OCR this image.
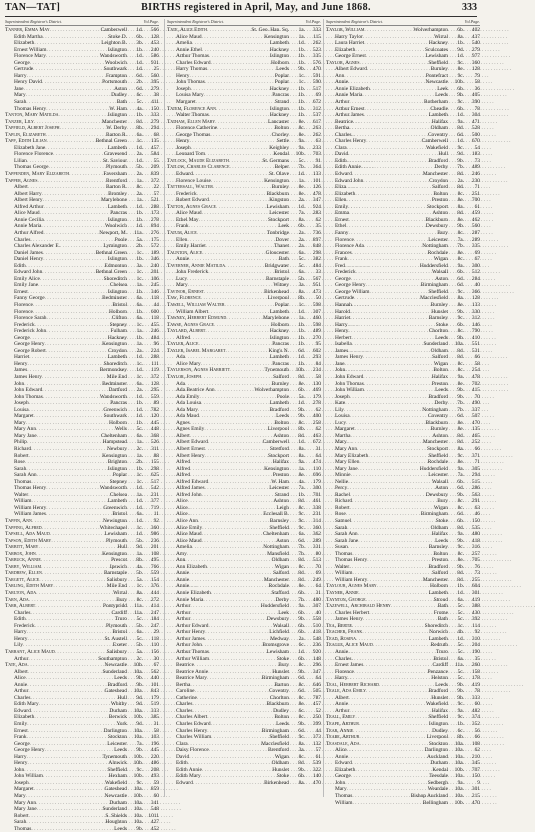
TAN—TAT]	BIRTHS registered in April, May, and June 1868.	333
Superintendent Registrar's District.	Vol. Page.
Tanner, Emma May . . .	Camberwell	1d.	566
Edith Martha . . .	Stoke D.	6b.	128
Elizabeth . . .	Leighton B.	3b.	453
Ernest William . . .	Islington	1b.	240
Florence Mary . . .	Wandsworth	1d.	586
George . . .	Woolwich	1d.	931
Gertrude . . .	Southwark	1d.	25
Harry . . .	Frampton	6d.	560
Henry David . . .	Portsmouth	2b.	395
Jane . . .	Aston	6d.	279
Mary . . .	Dudley	6c.	38
Sarah . . .	Bath	5c.	411
Thomas Henry . . .	W. Ham	4a.	150
Tanton, Mary Matilda . . .	Islington	1b.	333
Tanzer, Lily . . .	Manchester	8d.	279
Tapfield, Albert Joseph . . .	W. Derby	8b.	294
Taplin, Elizabeth . . .	Barton R.	6a.	68
Tapp, Edith Lilian . . .	Bethnal Green	1c.	135
Elizabeth Jane . . .	Lambeth	1d.	457
Florence Florence . . .	Gravesend	2a.	584
Lilian . . .	St. Saviour	1d.	55
Thomas George . . .	Plymouth	5b.	209
Tappenden, Mary Elizabeth . . .	Faversham	2a.	839
Tapper, Agnes . . .	Brentford	1a.	372
Albert . . .	Barton R.	8c.	22
Albert Harry . . .	Bromley	2a.	57
Albert Henry . . .	Marylebone	1a.	521
Alfred Arthur . . .	Lambeth	1d.	288
Alice Maud . . .	Pancras	1b.	173
Annie Cecilia . . .	Islington	1b.	278
Annie Maria . . .	Woolwich	1d.	894
Arthur Alfred . . .	Newport, M.	11a.	276
Charles . . .	Poole	5a.	175
Charles Alexander E. . . .	Lymington	2b.	572
Daniel James . . .	Bethnal Green	1c.	189
Daniel Henry . . .	Islington	1b.	346
Edith . . .	Edmonton	3a.	240
Edward John . . .	Bethnal Green	1c.	201
Emily Alice . . .	Shoreditch	1c.	106
Emily Jane . . .	Chelsea	1a.	245
Ernest . . .	Islington	1b.	346
Fanny George . . .	Bedminster	6a.	118
Florence . . .	Bristol	6a.	44
Florence . . .	Holborn	1b.	600
Florence Sarah . . .	Clifton	6a.	118
Frederick . . .	Stepney	1c.	455
Frederick John . . .	Fulham	1a.	246
George . . .	Hackney	1b.	484
George Henry . . .	Kensington	1a.	96
George Robert . . .	Croydon	2a.	224
Harriet . . .	Lambeth	1d.	288
Henry . . .	Shoreditch	1c.	111
James . . .	Bermondsey	1d.	119
James Henry . . .	Mile End	1c.	372
John . . .	Bedminster	6a.	128
John Edward . . .	Dartford	2a.	295
John Thomas . . .	Wandsworth	1d.	559
Joseph . . .	Pancras	1b.	89
Louisa . . .	Greenwich	1d.	782
Margaret . . .	Southwark	1d.	120
Mary . . .	Holborn	1b.	445
Mary Ann . . .	Wells	5c.	448
Mary Jane . . .	Cheltenham	6a.	368
Philip . . .	Hampstead	1a.	526
Richard . . .	Newbury	2c.	311
Robert . . .	Kensington	1a.	88
Rose . . .	Brighton	2b.	155
Sarah . . .	Islington	1b.	298
Sarah Ann . . .	Poplar	1c.	625
Thomas . . .	Stepney	1c.	517
Thomas Henry . . .	Wandsworth	1d.	542
Walter . . .	Chelsea	1a.	231
William . . .	Lambeth	1d.	377
William Henry . . .	Greenwich	1d.	719
William James . . .	Bristol	6a.	11
Tappin, Ann . . .	Newington	1d.	92
Tapping, Alfred . . .	Whitechapel	1c.	360
Tapsell, Ada Maud . . .	Lewisham	1d.	986
Tapson, Edith Mary . . .	Plymouth	5b.	236
Tarbitt, Mary . . .	Hull	9d.	201
Tarbox, John . . .	Kensington	1a.	108
Tarbuck, Annie . . .	Prescot	8b.	495
Tarby, William . . .	Ipswich	4a.	766
Tardrew, Ellen . . .	Barnstaple	5b.	559
Targett, Alice . . .	Salisbury	5a.	154
Tarling, Edith Mary . . .	Mile End	1c.	376
Tarlton, Ada . . .	Wirral	8a.	444
Tarn, Ada . . .	Bury	8c.	272
Tarr, Albert . . .	Pontypridd	11a.	414
Charles . . .	Cardiff	11a.	247
Edith . . .	Truro	5c.	184
Frederick . . .	Plymouth	5b.	247
Harry . . .	Bristol	6a.	29
Henry . . .	St. Austell	5c.	118
Lily . . .	Exeter	5b.	110
Tarrant, Alice Maud . . .	Salisbury	5a.	156
Arthur . . .	Southampton	2c.	30
Tate, Ada . . .	Newcastle	10b.	67
Albert . . .	Sunderland	10a.	562
Alice . . .	Leeds	9b.	440
Annie . . .	Bradford	9b.	101
Arthur . . .	Gateshead	10a.	843
Charles . . .	Hull	9d.	179
Edith Mary . . .	Whitby	9d.	519
Edward . . .	Durham	10a.	333
Elizabeth . . .	Berwick	10b.	385
Emily . . .	York	9d.	31
Ernest . . .	Darlington	10a.	58
Frank . . .	Stockton	10a.	103
George . . .	Leicester	7a.	196
George Henry . . .	Leeds	9b.	445
Harry . . .	Tynemouth	10b.	220
Henry . . .	Alnwick	10b.	486
John . . .	Sheffield	9c.	208
John William . . .	Hexham	10b.	493
Joseph . . .	Wakefield	9c.	59
Margaret . . .	Gateshead	10a.	859
Mary . . .	Newcastle	10b.	60
Mary Ann . . .	Durham	10a.	341
Mary Jane . . .	Sunderland	10a.	548
Robert . . .	S. Shields	10a.	1011
Sarah . . .	Houghton	10a.	427
Thomas . . .	Leeds	9b.	452
Superintendent Registrar's District.	Vol. Page.
Tate, Alice Edith . . .	St. Geo. Han. Sq.	1a.	333
Alice Maud . . .	Kensington	1a.	115
Amelia . . .	Lambeth	1d.	262
Annie Ethel . . .	Hackney	1b.	523
Arthur Thomas . . .	Islington	1b.	335
Charles Edward . . .	Holborn	1b.	576
Harry Thomas . . .	Leeds	9b.	470
Henry . . .	Poplar	1c.	591
John Thomas . . .	Poplar	1c.	590
Joseph . . .	Hackney	1b.	517
Louisa Mary . . .	Pancras	1b.	69
Margaret . . .	Strand	1b.	672
Tatem, Florence Ann . . .	Islington	1b.	312
Walter Thomas . . .	Hackney	1b.	537
Tatham, Ellen Mary . . .	Lancaster	8e.	617
Florence Catherine . . .	Bolton	8c.	263
George Thomas . . .	Chorley	8e.	262
Henry . . .	Settle	9a.	63
Joseph . . .	Keighley	9a.	233
Leonard Tom . . .	Kendal	10b.	703
Tatlock, Maude Elizabeth . . .	St. Germans	5c.	91
Tatlow, Charles Clarence . . .	Belper	7b.	364
Edward . . .	St. Olave	1d.	133
Florence Louise . . .	Kensington	1a.	101
Tattersall, Walter . . .	Burnley	8e.	126
Frederick . . .	Blackburn	8e.	478
Robert Edward . . .	Kingston	2a.	347
Tatton, Agnes Grace . . .	Lewisham	1d.	924
Alice Maud . . .	Leicester	7a.	283
Ethel May . . .	Stockport	8a.	62
Frank . . .	Leek	6b.	35
Tatum, Alice . . .	Tonbridge	2a.	736
Ellen . . .	Dover	2a.	897
Emily Harriet . . .	Thanet	2a.	848
Taunton, Alice . . .	Gloucester	6a.	298
Annie . . .	Bath	5c.	382
Taverner, Annie Matilda . . .	Bridgwater	5c.	484
John Frederick . . .	Bristol	6a.	33
Lucy . . .	Barnstaple	5b.	567
Mary . . .	Witney	3a.	951
Tavinor, Ernest . . .	Birkenhead	8a.	473
Taw, Florence . . .	Liverpool	8b.	50
Tawell, William Walter . . .	Poplar	1c.	598
William Albert . . .	Lambeth	1d.	307
Tawney, Herbert Edmund . . .	Marylebone	1a.	460
Tawse, Agnes Grace . . .	Holborn	1b.	598
Taylard, Albert . . .	Hackney	1b.	489
Alfred . . .	Islington	1b.	270
Tayler, Alice . . .	Pancras	1b.	95
Tayler, Isabel Margaret . . .	King's N.	6d.	602
Ada . . .	Lambeth	1d.	293
Alice Mary . . .	Pancras	1b.	84
Taylerson, Agnes Harriett . . .	Tynemouth	10b.	234
Taylor, Joseph . . .	Salford	8d.	58
Ada . . .	Burnley	8e.	130
Ada Beatrice Ann . . .	Wolverhampton	6b.	469
Ada Emily . . .	Poole	5a.	179
Ada Louisa . . .	Lambeth	1d.	278
Ada Mary . . .	Bradford	9b.	62
Ada Maud . . .	Leeds	9b.	400
Agnes . . .	Bolton	8c.	258
Agnes Emily . . .	Liverpool	8b.	62
Albert . . .	Ashton	8d.	463
Albert Edward . . .	Camberwell	1d.	672
Albert Ernest . . .	Stretford	8a.	31
Albert Henry . . .	Stockport	8a.	64
Alfred . . .	Halifax	9a.	474
Alfred . . .	Kensington	1a.	110
Alfred . . .	Preston	8e.	696
Alfred Edward . . .	W. Ham	4a.	179
Alfred James . . .	Leicester	7a.	300
Alfred John . . .	Strand	1b.	701
Alice . . .	Ashton	8d.	461
Alice . . .	Leigh	8c.	338
Alice . . .	Ecclesall B.	9c.	231
Alice Ann . . .	Barnsley	9c.	314
Alice Emily . . .	Sheffield	9c.	360
Alice Maud . . .	Cheltenham	6a.	362
Alice Maud . . .	Aston	6d.	289
Amelia . . .	Nottingham	7b.	331
Amy . . .	Mansfield	7b.	80
Ann . . .	Oldham	8d.	513
Ann Elizabeth . . .	Wigan	8c.	70
Annie . . .	Salford	8d.	69
Annie . . .	Manchester	8d.	249
Annie . . .	Rochdale	8e.	64
Annie Elizabeth . . .	Stafford	6b.	31
Annie Maria . . .	Derby	7b.	480
Arthur . . .	Huddersfield	9a.	307
Arthur . . .	Leek	6b.	40
Arthur . . .	Dewsbury	9b.	558
Arthur Edward . . .	Walsall	6b.	510
Arthur Henry . . .	Lichfield	6b.	418
Arthur James . . .	Medway	2a.	548
Arthur John . . .	Bromsgrove	6c.	236
Arthur Thomas . . .	Lewisham	1d.	920
Arthur William . . .	Stoke	6b.	148
Beatrice . . .	Bury	8c.	296
Beatrice Annie . . .	Hunslet	9b.	347
Beatrice Mary . . .	Birmingham	6d.	64
Bertha . . .	Barton	8c.	646
Caroline . . .	Coventry	6d.	505
Catherine . . .	Chorlton	8c.	787
Charles . . .	Blackburn	8e.	457
Charles . . .	Dudley	6c.	52
Charles Albert . . .	Bolton	8c.	250
Charles Edward . . .	Leeds	9b.	399
Charles Henry . . .	Birmingham	6d.	44
Charles William . . .	Sheffield	9c.	373
Clara . . .	Macclesfield	8a.	132
Daisy Florence . . .	Brentford	3a.	57
David . . .	Wigan	8c.	61
Edith . . .	Oldham	8d.	539
Edith Annie . . .	Hunslet	9b.	322
Edith Mary . . .	Stoke	6b.	140
Edward . . .	Birkenhead	8a.	470
Superintendent Registrar's District.	Vol. Page.
Taylor, William . . .	Wolverhampton	6b.	402
Harry Taylor . . .	Wirral	8a.	437
Laura Harriet . . .	Hackney	1b.	540
Elizabeth . . .	Sculcoates	9d.	279
George Ernest . . .	Lewisham	1d.	977
Taylor, Agnes . . .	Sheffield	9c.	360
Albert Edward . . .	Burnley	8e.	128
Ann . . .	Pontefract	9c.	79
Annie . . .	Newcastle	10b.	58
Annie Elizabeth . . .	Leek	6b.	36
Annie Maria . . .	Leeds	9b.	405
Arthur . . .	Rotherham	9c.	390
Arthur Ernest . . .	Cheadle	6b.	78
Arthur James . . .	Lambeth	1d.	304
Beatrice . . .	Halifax	9a.	471
Bertha . . .	Oldham	8d.	528
Charles . . .	Coventry	6d.	500
Charles Henry . . .	Camberwell	1d.	670
Clara . . .	Wakefield	9c.	54
David . . .	Hull	9d.	183
Edith . . .	Bradford	9b.	73
Edith Annie . . .	Derby	7b.	489
Edward . . .	Manchester	8d.	246
Edward John . . .	Croydon	2a.	230
Eliza . . .	Salford	8d.	71
Elizabeth . . .	Bolton	8c.	251
Ellen . . .	Preston	8e.	700
Emily . . .	Stockport	8a.	61
Emma . . .	Ashton	8d.	459
Ernest . . .	Blackburn	8e.	462
Ethel . . .	Dewsbury	9b.	560
Fanny . . .	Bury	8c.	287
Florence . . .	Leicester	7a.	289
Florence Ada . . .	Nottingham	7b.	335
Frances . . .	Rochdale	8e.	69
Frank . . .	Wigan	8c.	67
Fred . . .	Huddersfield	9a.	300
Frederick . . .	Walsall	6b.	512
George . . .	Aston	6d.	284
George Henry . . .	Birmingham	6d.	40
George William . . .	Sheffield	9c.	366
Gertrude . . .	Macclesfield	8a.	128
Hannah . . .	Burnley	8e.	133
Harold . . .	Hunslet	9b.	330
Harriet . . .	Barnsley	9c.	312
Harry . . .	Stoke	6b.	146
Henry . . .	Chorlton	8c.	790
Herbert . . .	Leeds	9b.	410
Isabella . . .	Sunderland	10a.	551
James . . .	Oldham	8d.	531
James Henry . . .	Salford	8d.	66
Jane . . .	Wigan	8c.	58
John . . .	Bolton	8c.	254
John Edward . . .	Halifax	9a.	478
John Thomas . . .	Preston	8e.	702
John William . . .	Leeds	9b.	415
Joseph . . .	Bradford	9b.	70
Kate . . .	Derby	7b.	490
Lily . . .	Nottingham	7b.	337
Louisa . . .	Coventry	6d.	507
Lucy . . .	Blackburn	8e.	470
Margaret . . .	Burnley	8e.	135
Martha . . .	Ashton	8d.	465
Mary . . .	Manchester	8d.	252
Mary Ann . . .	Stockport	8a.	66
Mary Elizabeth . . .	Sheffield	9c.	371
Mary Ellen . . .	Rochdale	8e.	71
Mary Jane . . .	Huddersfield	9a.	305
Minnie . . .	Leicester	7a.	294
Nellie . . .	Walsall	6b.	515
Percy . . .	Aston	6d.	286
Rachel . . .	Dewsbury	9b.	563
Richard . . .	Bury	8c.	291
Robert . . .	Wigan	8c.	63
Rose . . .	Birmingham	6d.	46
Samuel . . .	Stoke	6b.	150
Sarah . . .	Oldham	8d.	535
Sarah Ann . . .	Halifax	9a.	480
Sarah Jane . . .	Leeds	9b.	418
Susan . . .	Barnsley	9c.	316
Thomas . . .	Bolton	8c.	257
Thomas Henry . . .	Preston	8e.	705
Walter . . .	Bradford	9b.	76
William . . .	Salford	8d.	73
William Henry . . .	Manchester	8d.	255
Taylour, Agnes Mary . . .	Holborn	1b.	604
Tayner, Annie . . .	Lambeth	1d.	301
Taynton, George . . .	Stroud	6a.	419
Tazewell, Archibald Henry . . .	Bath	5c.	388
Charles Herbert . . .	Frome	5c.	430
James Henry . . .	Bath	5c.	392
Tea, Bertie . . .	Shoreditch	1c.	114
Teacher, Frank . . .	Norwich	4b.	92
Tead, Rosina . . .	Lambeth	1d.	310
Teague, Alice Maud . . .	Redruth	5c.	204
Annie . . .	Truro	5c.	190
Charles . . .	Bristol	6a.	35
Ernest James . . .	Cardiff	11a.	260
Florence . . .	Penzance	5c.	158
Harry . . .	Helston	5c.	178
Teal, Herbert Richard . . .	Leeds	9b.	419
Teale, Ada Emily . . .	Bradford	9b.	78
Albert . . .	Hunslet	9b.	333
Annie . . .	Wakefield	9c.	60
Arthur . . .	Halifax	9a.	482
Teall, Emily . . .	Sheffield	9c.	374
Teape, Arthur . . .	Islington	1b.	352
Tear, Annie . . .	Dudley	6c.	56
Teare, Arthur . . .	Liverpool	8b.	66
Teasdale, Ada . . .	Stockton	10a.	108
Alice . . .	Darlington	10a.	62
Annie . . .	Auckland	10a.	210
Edward . . .	Durham	10a.	345
Elizabeth . . .	Kendal	10b.	707
George . . .	Teesdale	10a.	150
John . . .	Sedbergh	9a.	9
Mary . . .	Weardale	10a.	301
Thomas . . .	Bishop Auckland	10a.	215
William . . .	Bellingham	10b.	470
